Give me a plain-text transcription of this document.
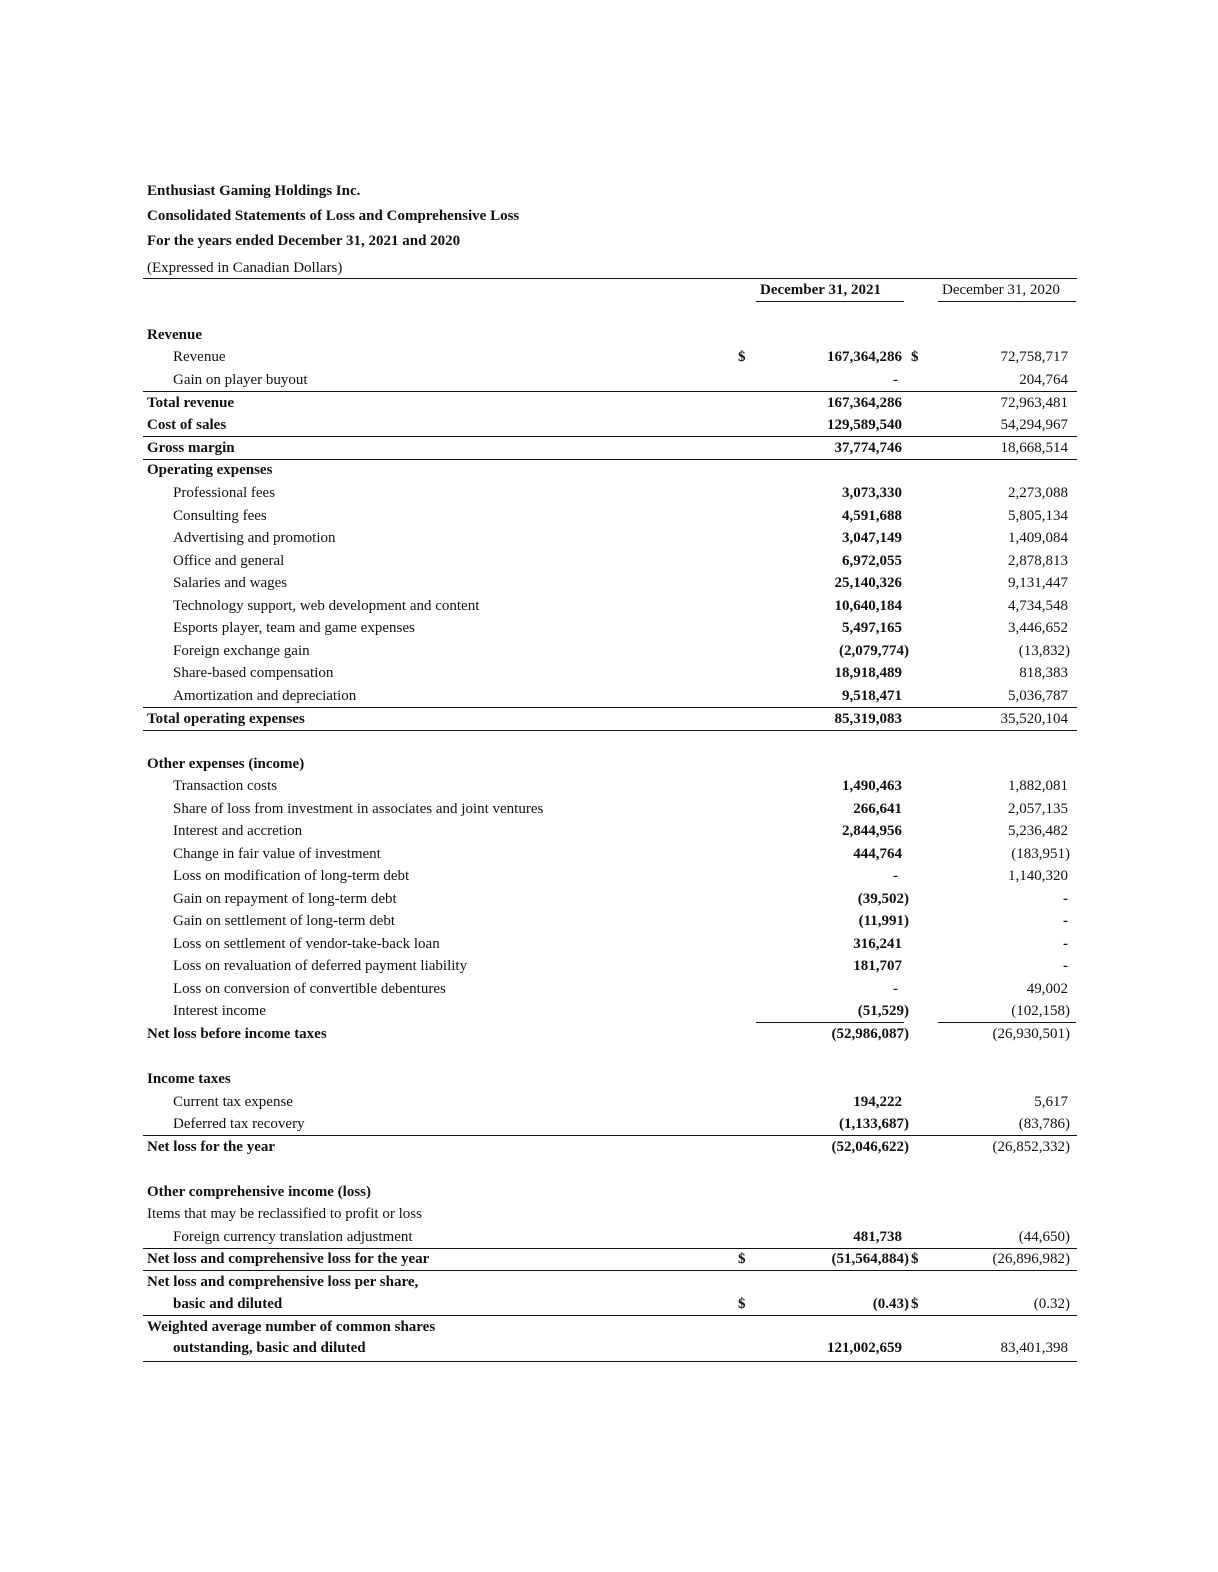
Enthusiast Gaming Holdings Inc.
Consolidated Statements of Loss and Comprehensive Loss
For the years ended December 31, 2021 and 2020
(Expressed in Canadian Dollars)
December 31, 2021	December 31, 2020
Revenue
Revenue	$	167,364,286 $	72,758,717
Gain on player buyout	-	204,764
Total revenue	167,364,286	72,963,481
Cost of sales	129,589,540	54,294,967
Gross margin	37,774,746	18,668,514
Operating expenses
Professional fees	3,073,330	2,273,088
Consulting fees	4,591,688	5,805,134
Advertising and promotion	3,047,149	1,409,084
Office and general	6,972,055	2,878,813
Salaries and wages	25,140,326	9,131,447
Technology support, web development and content	10,640,184	4,734,548
Esports player, team and game expenses	5,497,165	3,446,652
Foreign exchange gain	(2,079,774)	(13,832)
Share-based compensation	18,918,489	818,383
Amortization and depreciation	9,518,471	5,036,787
Total operating expenses	85,319,083	35,520,104
Other expenses (income)
Transaction costs	1,490,463	1,882,081
Share of loss from investment in associates and joint ventures	266,641	2,057,135
Interest and accretion	2,844,956	5,236,482
Change in fair value of investment	444,764	(183,951)
Loss on modification of long-term debt	-	1,140,320
Gain on repayment of long-term debt	(39,502)	-
Gain on settlement of long-term debt	(11,991)	-
Loss on settlement of vendor-take-back loan	316,241	-
Loss on revaluation of deferred payment liability	181,707	-
Loss on conversion of convertible debentures	-	49,002
Interest income	(51,529)	(102,158)
Net loss before income taxes	(52,986,087)	(26,930,501)
Income taxes
Current tax expense	194,222	5,617
Deferred tax recovery	(1,133,687)	(83,786)
Net loss for the year	(52,046,622)	(26,852,332)
Other comprehensive income (loss)
Items that may be reclassified to profit or loss
Foreign currency translation adjustment	481,738	(44,650)
Net loss and comprehensive loss for the year	$	(51,564,884) $	(26,896,982)
Net loss and comprehensive loss per share,
basic and diluted	$	(0.43) $	(0.32)
Weighted average number of common shares
outstanding, basic and diluted	121,002,659	83,401,398
